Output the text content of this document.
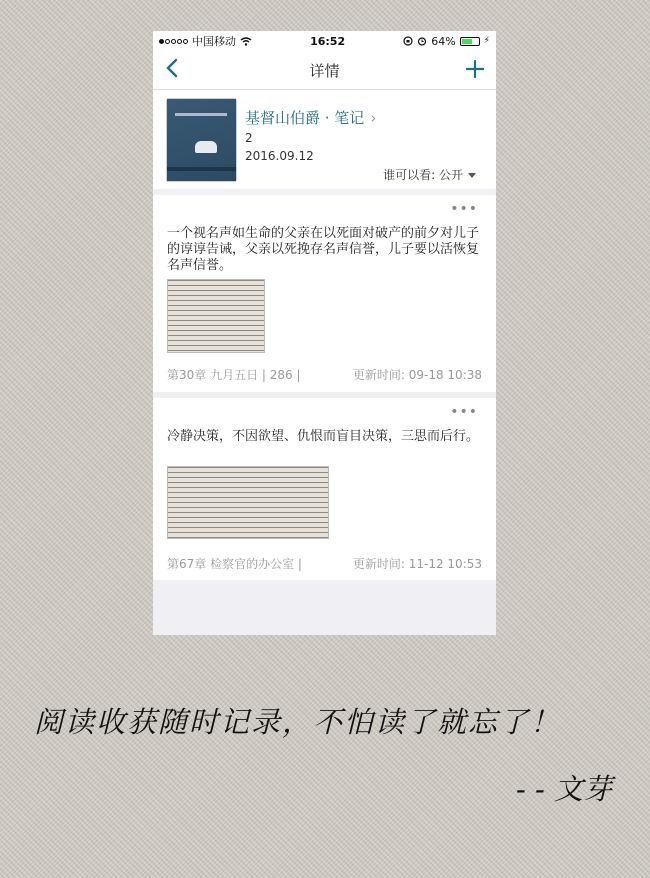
中国移动	16:52	64%	⚡
详情
基督山伯爵 · 笔记 ›
2
2016.09.12
谁可以看: 公开
•••
一个视名声如生命的父亲在以死面对破产的前夕对儿子的谆谆告诫，父亲以死挽存名声信誉，儿子要以活恢复名声信誉。
第30章 九月五日 | 286 |	更新时间: 09-18 10:38
•••
冷静决策，不因欲望、仇恨而盲目决策，三思而后行。
第67章 检察官的办公室 |	更新时间: 11-12 10:53
阅读收获随时记录，不怕读了就忘了！
- - 文芽
